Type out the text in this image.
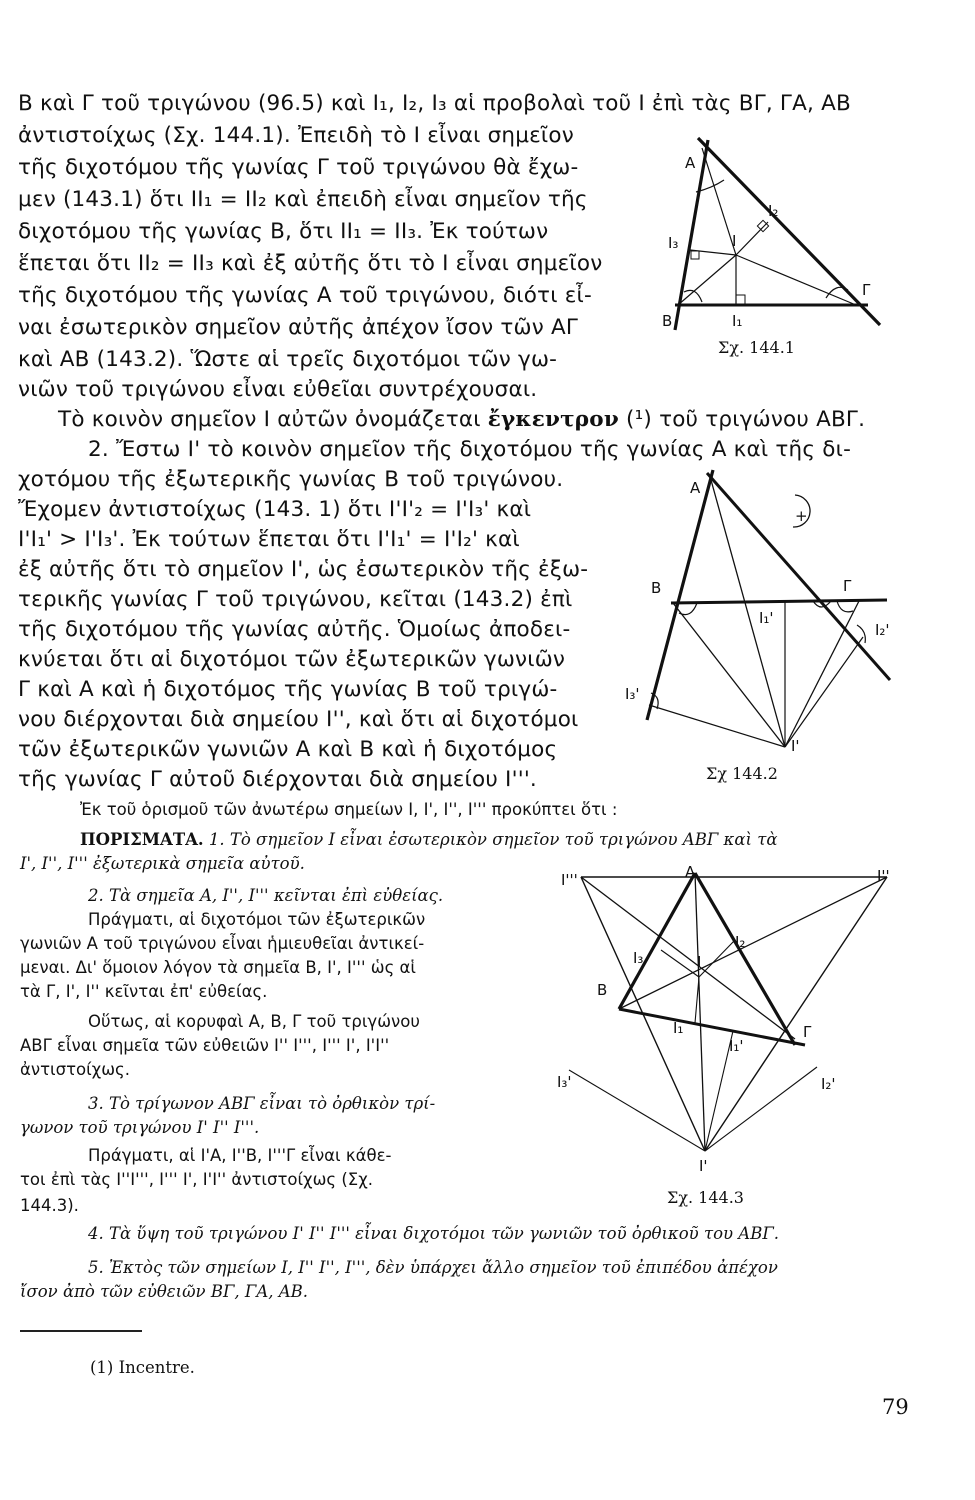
Β καὶ Γ τοῦ τριγώνου (96.5) καὶ I₁, I₂, I₃ αἱ προβολαὶ τοῦ Ι ἐπὶ τὰς ΒΓ, ΓΑ, ΑΒ
ἀντιστοίχως (Σχ. 144.1). Ἐπειδὴ τὸ Ι εἶναι σημεῖον
τῆς διχοτόμου τῆς γωνίας Γ τοῦ τριγώνου θὰ ἔχω-
μεν (143.1) ὅτι ΙΙ₁ = ΙΙ₂ καὶ ἐπειδὴ εἶναι σημεῖον τῆς
διχοτόμου τῆς γωνίας Β, ὅτι ΙΙ₁ = ΙΙ₃. Ἐκ τούτων
ἕπεται ὅτι ΙΙ₂ = ΙΙ₃ καὶ ἐξ αὐτῆς ὅτι τὸ Ι εἶναι σημεῖον
τῆς διχοτόμου τῆς γωνίας Α τοῦ τριγώνου, διότι εἶ-
ναι ἐσωτερικὸν σημεῖον αὐτῆς ἀπέχον ἴσον τῶν ΑΓ
καὶ ΑΒ (143.2). Ὥστε αἱ τρεῖς διχοτόμοι τῶν γω-
νιῶν τοῦ τριγώνου εἶναι εὐθεῖαι συντρέχουσαι.
Τὸ κοινὸν σημεῖον Ι αὐτῶν ὀνομάζεται ἔγκεντρον (¹) τοῦ τριγώνου ΑΒΓ.
2. Ἔστω Ι' τὸ κοινὸν σημεῖον τῆς διχοτόμου τῆς γωνίας Α καὶ τῆς δι-
χοτόμου τῆς ἐξωτερικῆς γωνίας Β τοῦ τριγώνου.
Ἔχομεν ἀντιστοίχως (143. 1) ὅτι Ι'Ι'₂ = Ι'Ι₃' καὶ
Ι'Ι₁' > Ι'Ι₃'. Ἐκ τούτων ἕπεται ὅτι Ι'Ι₁' = Ι'Ι₂' καὶ
ἐξ αὐτῆς ὅτι τὸ σημεῖον Ι', ὡς ἐσωτερικὸν τῆς ἐξω-
τερικῆς γωνίας Γ τοῦ τριγώνου, κεῖται (143.2) ἐπὶ
τῆς διχοτόμου τῆς γωνίας αὐτῆς. Ὁμοίως ἀποδει-
κνύεται ὅτι αἱ διχοτόμοι τῶν ἐξωτερικῶν γωνιῶν
Γ καὶ Α καὶ ἡ διχοτόμος τῆς γωνίας Β τοῦ τριγώ-
νου διέρχονται διὰ σημείου Ι'', καὶ ὅτι αἱ διχοτόμοι
τῶν ἐξωτερικῶν γωνιῶν Α καὶ Β καὶ ἡ διχοτόμος
τῆς γωνίας Γ αὐτοῦ διέρχονται διὰ σημείου Ι'''.
Ἐκ τοῦ ὁρισμοῦ τῶν ἀνωτέρω σημείων Ι, Ι', Ι'', Ι''' προκύπτει ὅτι :
ΠΟΡΙΣΜΑΤΑ. 1. Τὸ σημεῖον Ι εἶναι ἐσωτερικὸν σημεῖον τοῦ τριγώνου ΑΒΓ καὶ τὰ
Ι', Ι'', Ι''' ἐξωτερικὰ σημεῖα αὐτοῦ.
2. Τὰ σημεῖα Α, Ι'', Ι''' κεῖνται ἐπὶ εὐθείας.
Πράγματι, αἱ διχοτόμοι τῶν ἐξωτερικῶν
γωνιῶν Α τοῦ τριγώνου εἶναι ἡμιευθεῖαι ἀντικεί-
μεναι. Δι' ὅμοιον λόγον τὰ σημεῖα Β, Ι', Ι''' ὡς αἱ
τὰ Γ, Ι', Ι'' κεῖνται ἐπ' εὐθείας.
Οὕτως, αἱ κορυφαὶ Α, Β, Γ τοῦ τριγώνου
ΑΒΓ εἶναι σημεῖα τῶν εὐθειῶν Ι'' Ι''', Ι''' Ι', Ι'Ι''
ἀντιστοίχως.
3. Τὸ τρίγωνον ΑΒΓ εἶναι τὸ ὀρθικὸν τρί-
γωνον τοῦ τριγώνου Ι' Ι'' Ι'''.
Πράγματι, αἱ Ι'Α, Ι''Β, Ι'''Γ εἶναι κάθε-
τοι ἐπὶ τὰς Ι''Ι''', Ι''' Ι', Ι'Ι'' ἀντιστοίχως (Σχ.
144.3).
4. Τὰ ὕψη τοῦ τριγώνου Ι' Ι'' Ι''' εἶναι διχοτόμοι τῶν γωνιῶν τοῦ ὀρθικοῦ του ΑΒΓ.
5. Ἐκτὸς τῶν σημείων Ι, Ι'' Ι'', Ι''', δὲν ὑπάρχει ἄλλο σημεῖον τοῦ ἐπιπέδου ἀπέχον
ἴσον ἀπὸ τῶν εὐθειῶν ΒΓ, ΓΑ, ΑΒ.
(1) Incentre.
79
A
B
Γ
I
I₁
I₂
I₃
Σχ. 144.1
A
B	Γ
+
I₁'
I₂'
I₃'
I'
Σχ 144.2
I'''	A	I''
I₃	I
I₂
B
I₁
I₁'
Γ
I₃'	I₂'
I'
Σχ. 144.3
